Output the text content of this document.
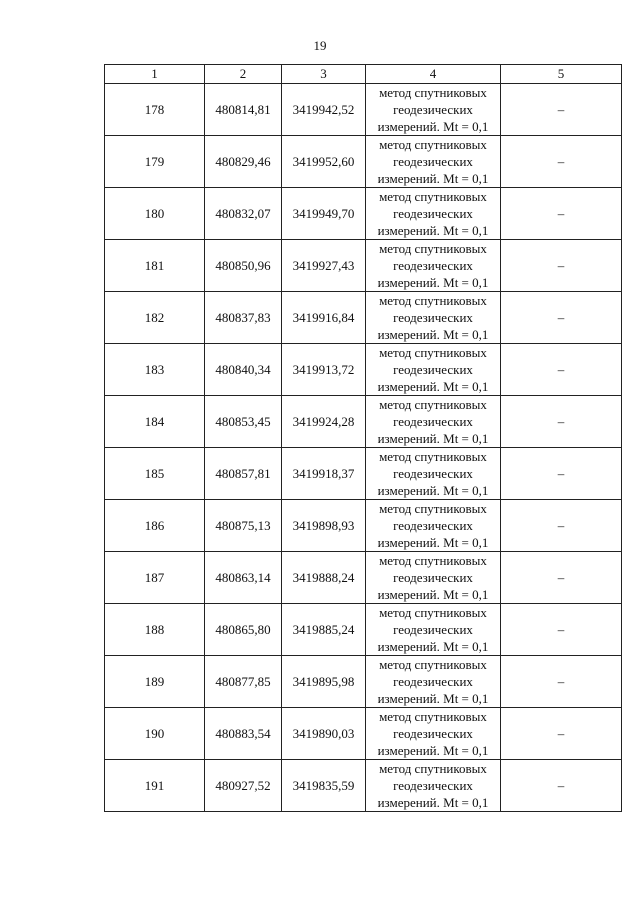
19
1	2	3	4	5
178	480814,81	3419942,52	метод спутниковых
геодезических
измерений. Mt = 0,1	–
179	480829,46	3419952,60	метод спутниковых
геодезических
измерений. Mt = 0,1	–
180	480832,07	3419949,70	метод спутниковых
геодезических
измерений. Mt = 0,1	–
181	480850,96	3419927,43	метод спутниковых
геодезических
измерений. Mt = 0,1	–
182	480837,83	3419916,84	метод спутниковых
геодезических
измерений. Mt = 0,1	–
183	480840,34	3419913,72	метод спутниковых
геодезических
измерений. Mt = 0,1	–
184	480853,45	3419924,28	метод спутниковых
геодезических
измерений. Mt = 0,1	–
185	480857,81	3419918,37	метод спутниковых
геодезических
измерений. Mt = 0,1	–
186	480875,13	3419898,93	метод спутниковых
геодезических
измерений. Mt = 0,1	–
187	480863,14	3419888,24	метод спутниковых
геодезических
измерений. Mt = 0,1	–
188	480865,80	3419885,24	метод спутниковых
геодезических
измерений. Mt = 0,1	–
189	480877,85	3419895,98	метод спутниковых
геодезических
измерений. Mt = 0,1	–
190	480883,54	3419890,03	метод спутниковых
геодезических
измерений. Mt = 0,1	–
191	480927,52	3419835,59	метод спутниковых
геодезических
измерений. Mt = 0,1	–
